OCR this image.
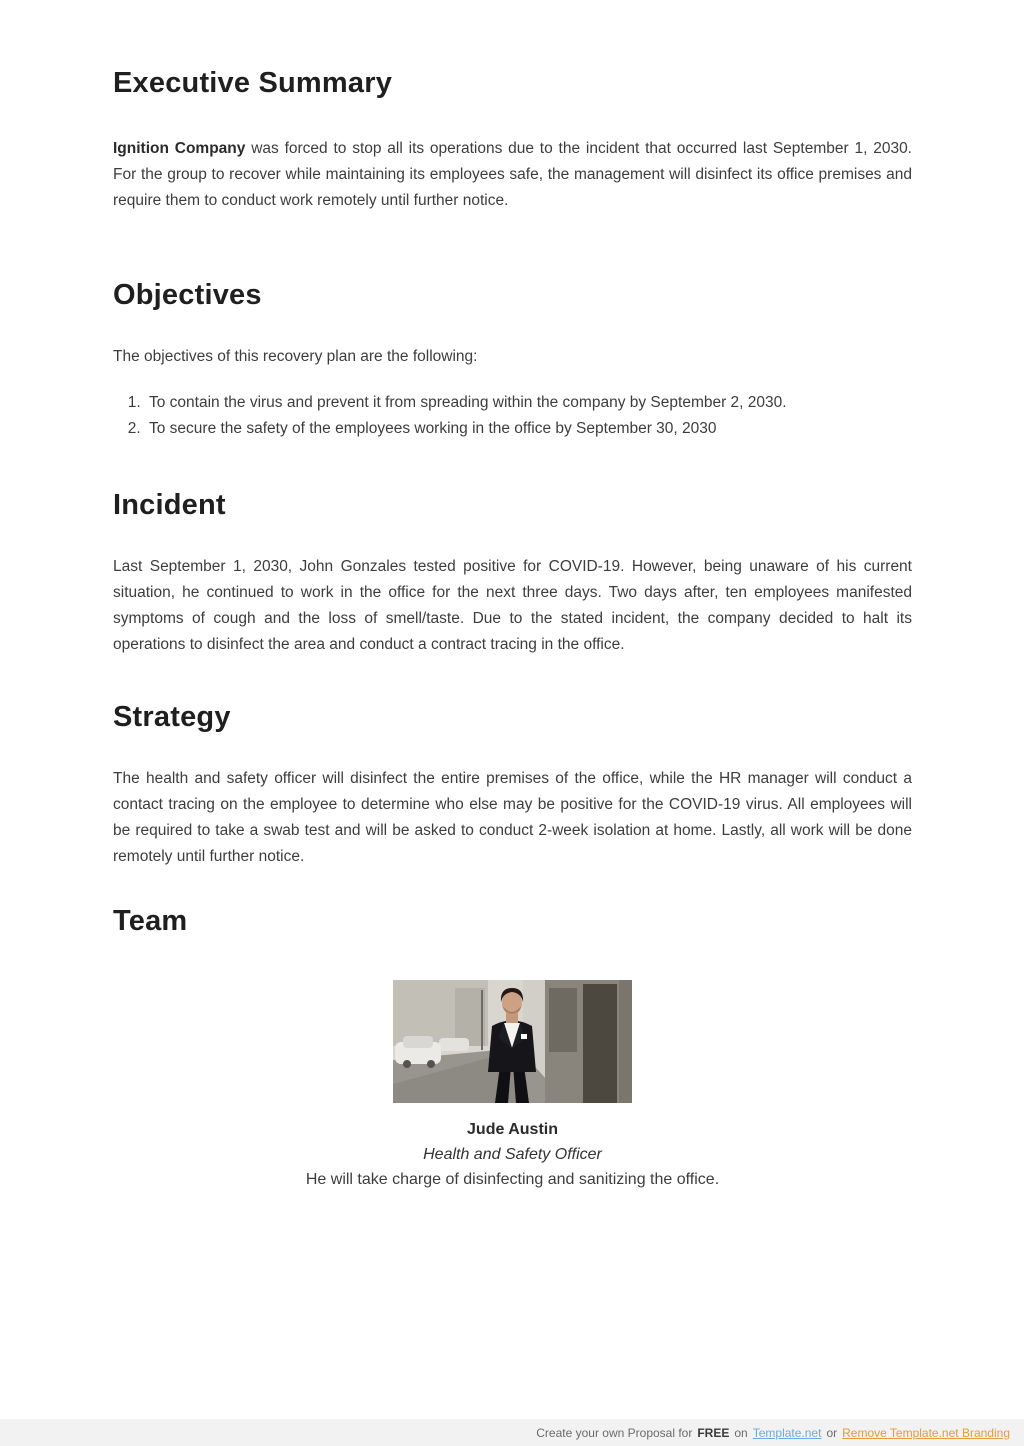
Executive Summary

Ignition Company was forced to stop all its operations due to the incident that occurred last September 1, 2030. For the group to recover while maintaining its employees safe, the management will disinfect its office premises and require them to conduct work remotely until further notice.

Objectives

The objectives of this recovery plan are the following:

1. To contain the virus and prevent it from spreading within the company by September 2, 2030.
2. To secure the safety of the employees working in the office by September 30, 2030
Incident

Last September 1, 2030, John Gonzales tested positive for COVID-19. However, being unaware of his current situation, he continued to work in the office for the next three days. Two days after, ten employees manifested symptoms of cough and the loss of smell/taste. Due to the stated incident, the company decided to halt its operations to disinfect the area and conduct a contract tracing in the office.

Strategy

The health and safety officer will disinfect the entire premises of the office, while the HR manager will conduct a contact tracing on the employee to determine who else may be positive for the COVID-19 virus. All employees will be required to take a swab test and will be asked to conduct 2-week isolation at home. Lastly, all work will be done remotely until further notice.

Team
Jude Austin
Health and Safety Officer
He will take charge of disinfecting and sanitizing the office.
Create your own Proposal for FREE on Template.net or Remove Template.net Branding
